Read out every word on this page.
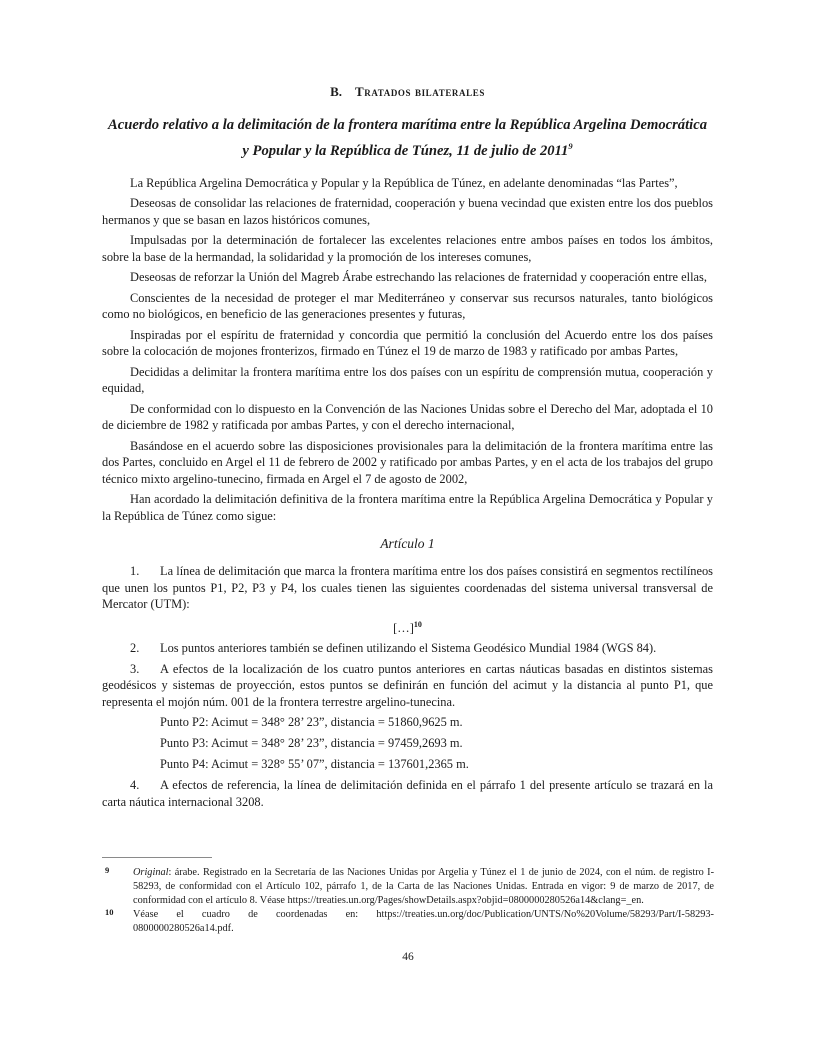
B. Tratados bilaterales
Acuerdo relativo a la delimitación de la frontera marítima entre la República Argelina Democrática y Popular y la República de Túnez, 11 de julio de 2011$^9$

La República Argelina Democrática y Popular y la República de Túnez, en adelante denominadas “las Partes”,

Deseosas de consolidar las relaciones de fraternidad, cooperación y buena vecindad que existen entre los dos pueblos hermanos y que se basan en lazos históricos comunes,

Impulsadas por la determinación de fortalecer las excelentes relaciones entre ambos países en todos los ámbitos, sobre la base de la hermandad, la solidaridad y la promoción de los intereses comunes,

Deseosas de reforzar la Unión del Magreb Árabe estrechando las relaciones de fraternidad y cooperación entre ellas,

Conscientes de la necesidad de proteger el mar Mediterráneo y conservar sus recursos naturales, tanto biológicos como no biológicos, en beneficio de las generaciones presentes y futuras,

Inspiradas por el espíritu de fraternidad y concordia que permitió la conclusión del Acuerdo entre los dos países sobre la colocación de mojones fronterizos, firmado en Túnez el 19 de marzo de 1983 y ratificado por ambas Partes,

Decididas a delimitar la frontera marítima entre los dos países con un espíritu de comprensión mutua, cooperación y equidad,

De conformidad con lo dispuesto en la Convención de las Naciones Unidas sobre el Derecho del Mar, adoptada el 10 de diciembre de 1982 y ratificada por ambas Partes, y con el derecho internacional,

Basándose en el acuerdo sobre las disposiciones provisionales para la delimitación de la frontera marítima entre las dos Partes, concluido en Argel el 11 de febrero de 2002 y ratificado por ambas Partes, y en el acta de los trabajos del grupo técnico mixto argelino-tunecino, firmada en Argel el 7 de agosto de 2002,

Han acordado la delimitación definitiva de la frontera marítima entre la República Argelina Democrática y Popular y la República de Túnez como sigue:

Artículo 1

1. La línea de delimitación que marca la frontera marítima entre los dos países consistirá en segmentos rectilíneos que unen los puntos P1, P2, P3 y P4, los cuales tienen las siguientes coordenadas del sistema universal transversal de Mercator (UTM):

[…]$^{10}$

2. Los puntos anteriores también se definen utilizando el Sistema Geodésico Mundial 1984 (WGS 84).

3. A efectos de la localización de los cuatro puntos anteriores en cartas náuticas basadas en distintos sistemas geodésicos y sistemas de proyección, estos puntos se definirán en función del acimut y la distancia al punto P1, que representa el mojón núm. 001 de la frontera terrestre argelino-tunecina.

Punto P2: Acimut = 348° 28’ 23”, distancia = 51860,9625 m.

Punto P3: Acimut = 348° 28’ 23”, distancia = 97459,2693 m.

Punto P4: Acimut = 328° 55’ 07”, distancia = 137601,2365 m.

4. A efectos de referencia, la línea de delimitación definida en el párrafo 1 del presente artículo se trazará en la carta náutica internacional 3208.

9	Original: árabe. Registrado en la Secretaría de las Naciones Unidas por Argelia y Túnez el 1 de junio de 2024, con el núm. de registro I-58293, de conformidad con el Artículo 102, párrafo 1, de la Carta de las Naciones Unidas. Entrada en vigor: 9 de marzo de 2017, de conformidad con el artículo 8. Véase https://treaties.un.org/Pages/showDetails.aspx?objid=0800000280526a14&clang=_en.
10	Véase el cuadro de coordenadas en: https://treaties.un.org/doc/Publication/UNTS/No%20Volume/58293/Part/I-58293-0800000280526a14.pdf.
46
